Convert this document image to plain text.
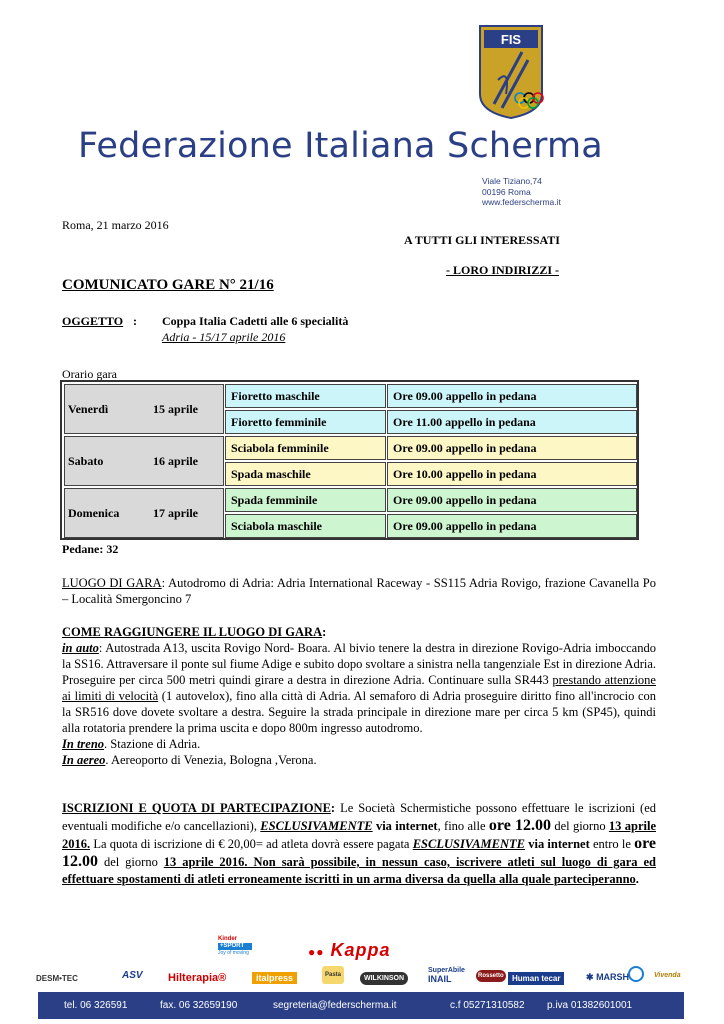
FIS
Federazione Italiana Scherma
Viale Tiziano,74
00196 Roma
www.federscherma.it
Roma, 21 marzo 2016
A TUTTI GLI INTERESSATI
- LORO INDIRIZZI -
COMUNICATO GARE N° 21/16
OGGETTO : Coppa Italia Cadetti alle 6 specialità
Adria - 15/17 aprile 2016
Orario gara
Venerdì	15 aprile
Fioretto maschile	Ore 09.00 appello in pedana
Fioretto femminile	Ore 11.00 appello in pedana
Sabato	16 aprile
Sciabola femminile	Ore 09.00 appello in pedana
Spada maschile	Ore 10.00 appello in pedana
Domenica	17 aprile
Spada femminile	Ore 09.00 appello in pedana
Sciabola maschile	Ore 09.00 appello in pedana
Pedane: 32
LUOGO DI GARA: Autodromo di Adria: Adria International Raceway - SS115 Adria Rovigo, frazione Cavanella Po – Località Smergoncino 7
COME RAGGIUNGERE IL LUOGO DI GARA:
in auto: Autostrada A13, uscita Rovigo Nord- Boara. Al bivio tenere la destra in direzione Rovigo-Adria imboccando la SS16. Attraversare il ponte sul fiume Adige e subito dopo svoltare a sinistra nella tangenziale Est in direzione Adria. Proseguire per circa 500 metri quindi girare a destra in direzione Adria. Continuare sulla SR443 prestando attenzione ai limiti di velocità (1 autovelox), fino alla città di Adria. Al semaforo di Adria proseguire diritto fino all'incrocio con la SR516 dove dovete svoltare a destra. Seguire la strada principale in direzione mare per circa 5 km (SP45), quindi alla rotatoria prendere la prima uscita e dopo 800m ingresso autodromo.
In treno. Stazione di Adria.
In aereo. Aereoporto di Venezia, Bologna ,Verona.
ISCRIZIONI E QUOTA DI PARTECIPAZIONE: Le Società Schermistiche possono effettuare le iscrizioni (ed eventuali modifiche e/o cancellazioni), ESCLUSIVAMENTE via internet, fino alle ore 12.00 del giorno 13 aprile 2016. La quota di iscrizione di € 20,00= ad atleta dovrà essere pagata ESCLUSIVAMENTE via internet entro le ore 12.00 del giorno 13 aprile 2016. Non sarà possibile, in nessun caso, iscrivere atleti sul luogo di gara ed effettuare spostamenti di atleti erroneamente iscritti in un arma diversa da quella alla quale parteciperanno.
Kinder
+SPORT
Joy of moving	●● Kappa
DESM•TEC	ASV Hilterapia®	italpress	Pasta	WILKINSON
SuperAbile
INAIL	Rossetto	Human tecar	✱ MARSH	Vivenda
tel. 06 326591	fax. 06 32659190	segreteria@federscherma.it	c.f 05271310582 p.iva 01382601001
